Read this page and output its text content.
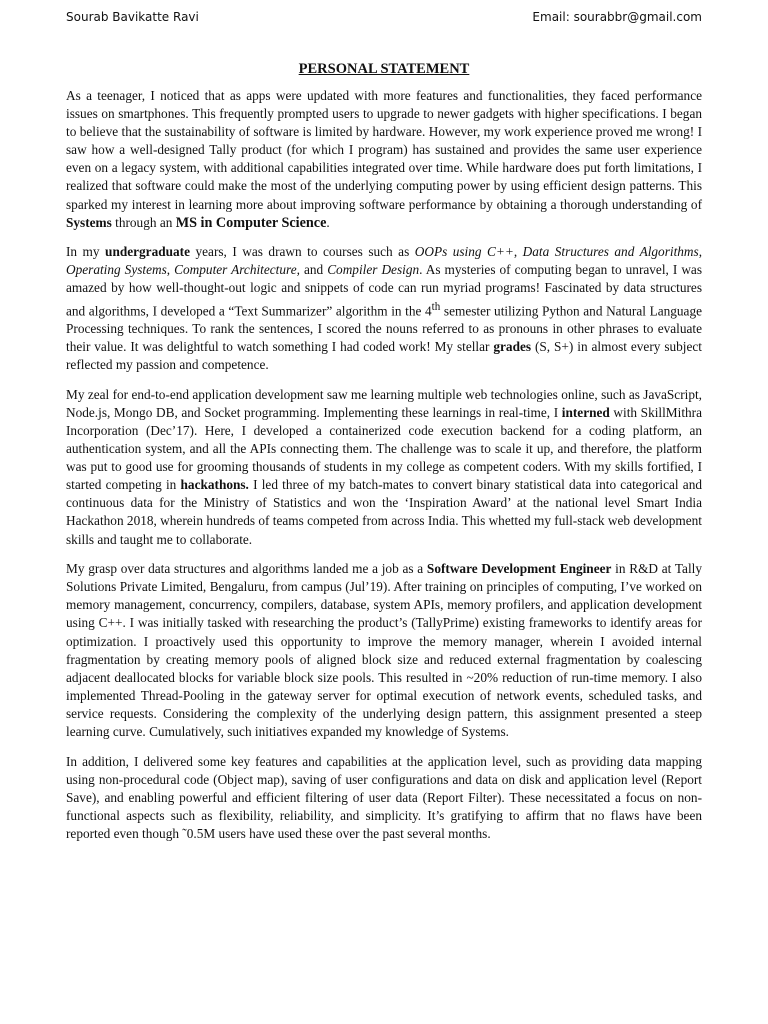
Sourab Bavikatte Ravi	Email: sourabbr@gmail.com
PERSONAL STATEMENT

As a teenager, I noticed that as apps were updated with more features and functionalities, they faced performance issues on smartphones. This frequently prompted users to upgrade to newer gadgets with higher specifications. I began to believe that the sustainability of software is limited by hardware. However, my work experience proved me wrong! I saw how a well-designed Tally product (for which I program) has sustained and provides the same user experience even on a legacy system, with additional capabilities integrated over time. While hardware does put forth limitations, I realized that software could make the most of the underlying computing power by using efficient design patterns. This sparked my interest in learning more about improving software performance by obtaining a thorough understanding of Systems through an MS in Computer Science.

In my undergraduate years, I was drawn to courses such as OOPs using C++, Data Structures and Algorithms, Operating Systems, Computer Architecture, and Compiler Design. As mysteries of computing began to unravel, I was amazed by how well-thought-out logic and snippets of code can run myriad programs! Fascinated by data structures and algorithms, I developed a “Text Summarizer” algorithm in the 4th semester utilizing Python and Natural Language Processing techniques. To rank the sentences, I scored the nouns referred to as pronouns in other phrases to evaluate their value. It was delightful to watch something I had coded work! My stellar grades (S, S+) in almost every subject reflected my passion and competence.

My zeal for end-to-end application development saw me learning multiple web technologies online, such as JavaScript, Node.js, Mongo DB, and Socket programming. Implementing these learnings in real-time, I interned with SkillMithra Incorporation (Dec’17). Here, I developed a containerized code execution backend for a coding platform, an authentication system, and all the APIs connecting them. The challenge was to scale it up, and therefore, the platform was put to good use for grooming thousands of students in my college as competent coders. With my skills fortified, I started competing in hackathons. I led three of my batch-mates to convert binary statistical data into categorical and continuous data for the Ministry of Statistics and won the ‘Inspiration Award’ at the national level Smart India Hackathon 2018, wherein hundreds of teams competed from across India. This whetted my full-stack web development skills and taught me to collaborate.

My grasp over data structures and algorithms landed me a job as a Software Development Engineer in R&D at Tally Solutions Private Limited, Bengaluru, from campus (Jul’19). After training on principles of computing, I’ve worked on memory management, concurrency, compilers, database, system APIs, memory profilers, and application development using C++. I was initially tasked with researching the product’s (TallyPrime) existing frameworks to identify areas for optimization. I proactively used this opportunity to improve the memory manager, wherein I avoided internal fragmentation by creating memory pools of aligned block size and reduced external fragmentation by coalescing adjacent deallocated blocks for variable block size pools. This resulted in ~20% reduction of run-time memory. I also implemented Thread-Pooling in the gateway server for optimal execution of network events, scheduled tasks, and service requests. Considering the complexity of the underlying design pattern, this assignment presented a steep learning curve. Cumulatively, such initiatives expanded my knowledge of Systems.

In addition, I delivered some key features and capabilities at the application level, such as providing data mapping using non-procedural code (Object map), saving of user configurations and data on disk and application level (Report Save), and enabling powerful and efficient filtering of user data (Report Filter). These necessitated a focus on non-functional aspects such as flexibility, reliability, and simplicity. It’s gratifying to affirm that no flaws have been reported even though ˜0.5M users have used these over the past several months.
